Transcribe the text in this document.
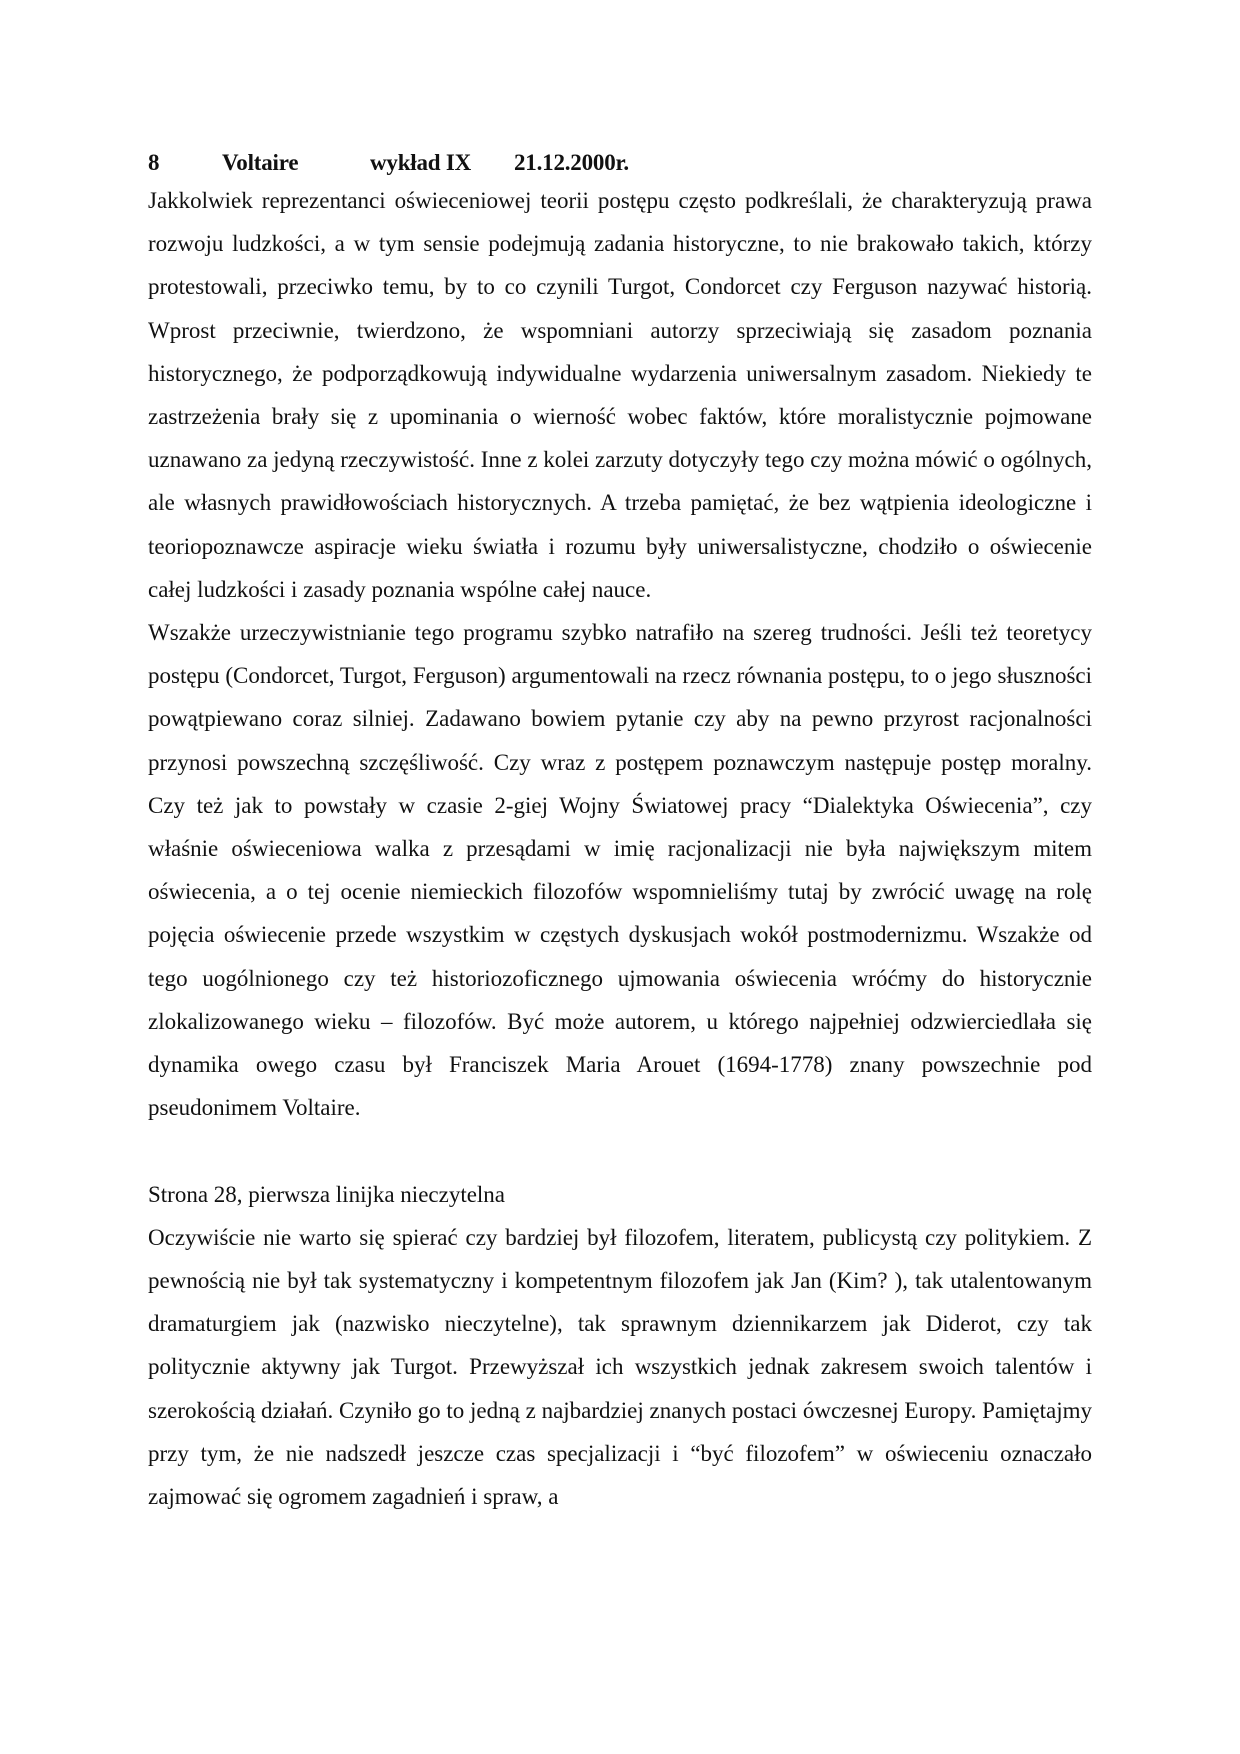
8	Voltaire	wykład IX	21.12.2000r.

Jakkolwiek reprezentanci oświeceniowej teorii postępu często podkreślali, że charakteryzują prawa rozwoju ludzkości, a w tym sensie podejmują zadania historyczne, to nie brakowało takich, którzy protestowali, przeciwko temu, by to co czynili Turgot, Condorcet czy Ferguson nazywać historią. Wprost przeciwnie, twierdzono, że wspomniani autorzy sprzeciwiają się zasadom poznania historycznego, że podporządkowują indywidualne wydarzenia uniwersalnym zasadom. Niekiedy te zastrzeżenia brały się z upominania o wierność wobec faktów, które moralistycznie pojmowane uznawano za jedyną rzeczywistość. Inne z kolei zarzuty dotyczyły tego czy można mówić o ogólnych, ale własnych prawidłowościach historycznych. A trzeba pamiętać, że bez wątpienia ideologiczne i teoriopoznawcze aspiracje wieku światła i rozumu były uniwersalistyczne, chodziło o oświecenie całej ludzkości i zasady poznania wspólne całej nauce.

Wszakże urzeczywistnianie tego programu szybko natrafiło na szereg trudności. Jeśli też teoretycy postępu (Condorcet, Turgot, Ferguson) argumentowali na rzecz równania postępu, to o jego słuszności powątpiewano coraz silniej. Zadawano bowiem pytanie czy aby na pewno przyrost racjonalności przynosi powszechną szczęśliwość. Czy wraz z postępem poznawczym następuje postęp moralny. Czy też jak to powstały w czasie 2-giej Wojny Światowej pracy “Dialektyka Oświecenia”, czy właśnie oświeceniowa walka z przesądami w imię racjonalizacji nie była największym mitem oświecenia, a o tej ocenie niemieckich filozofów wspomnieliśmy tutaj by zwrócić uwagę na rolę pojęcia oświecenie przede wszystkim w częstych dyskusjach wokół postmodernizmu. Wszakże od tego uogólnionego czy też historiozoficznego ujmowania oświecenia wróćmy do historycznie zlokalizowanego wieku – filozofów. Być może autorem, u którego najpełniej odzwierciedlała się dynamika owego czasu był Franciszek Maria Arouet (1694-1778) znany powszechnie pod pseudonimem Voltaire.

Strona 28, pierwsza linijka nieczytelna

Oczywiście nie warto się spierać czy bardziej był filozofem, literatem, publicystą czy politykiem. Z pewnością nie był tak systematyczny i kompetentnym filozofem jak Jan (Kim? ), tak utalentowanym dramaturgiem jak (nazwisko nieczytelne), tak sprawnym dziennikarzem jak Diderot, czy tak politycznie aktywny jak Turgot. Przewyższał ich wszystkich jednak zakresem swoich talentów i szerokością działań. Czyniło go to jedną z najbardziej znanych postaci ówczesnej Europy. Pamiętajmy przy tym, że nie nadszedł jeszcze czas specjalizacji i “być filozofem” w oświeceniu oznaczało zajmować się ogromem zagadnień i spraw, a
